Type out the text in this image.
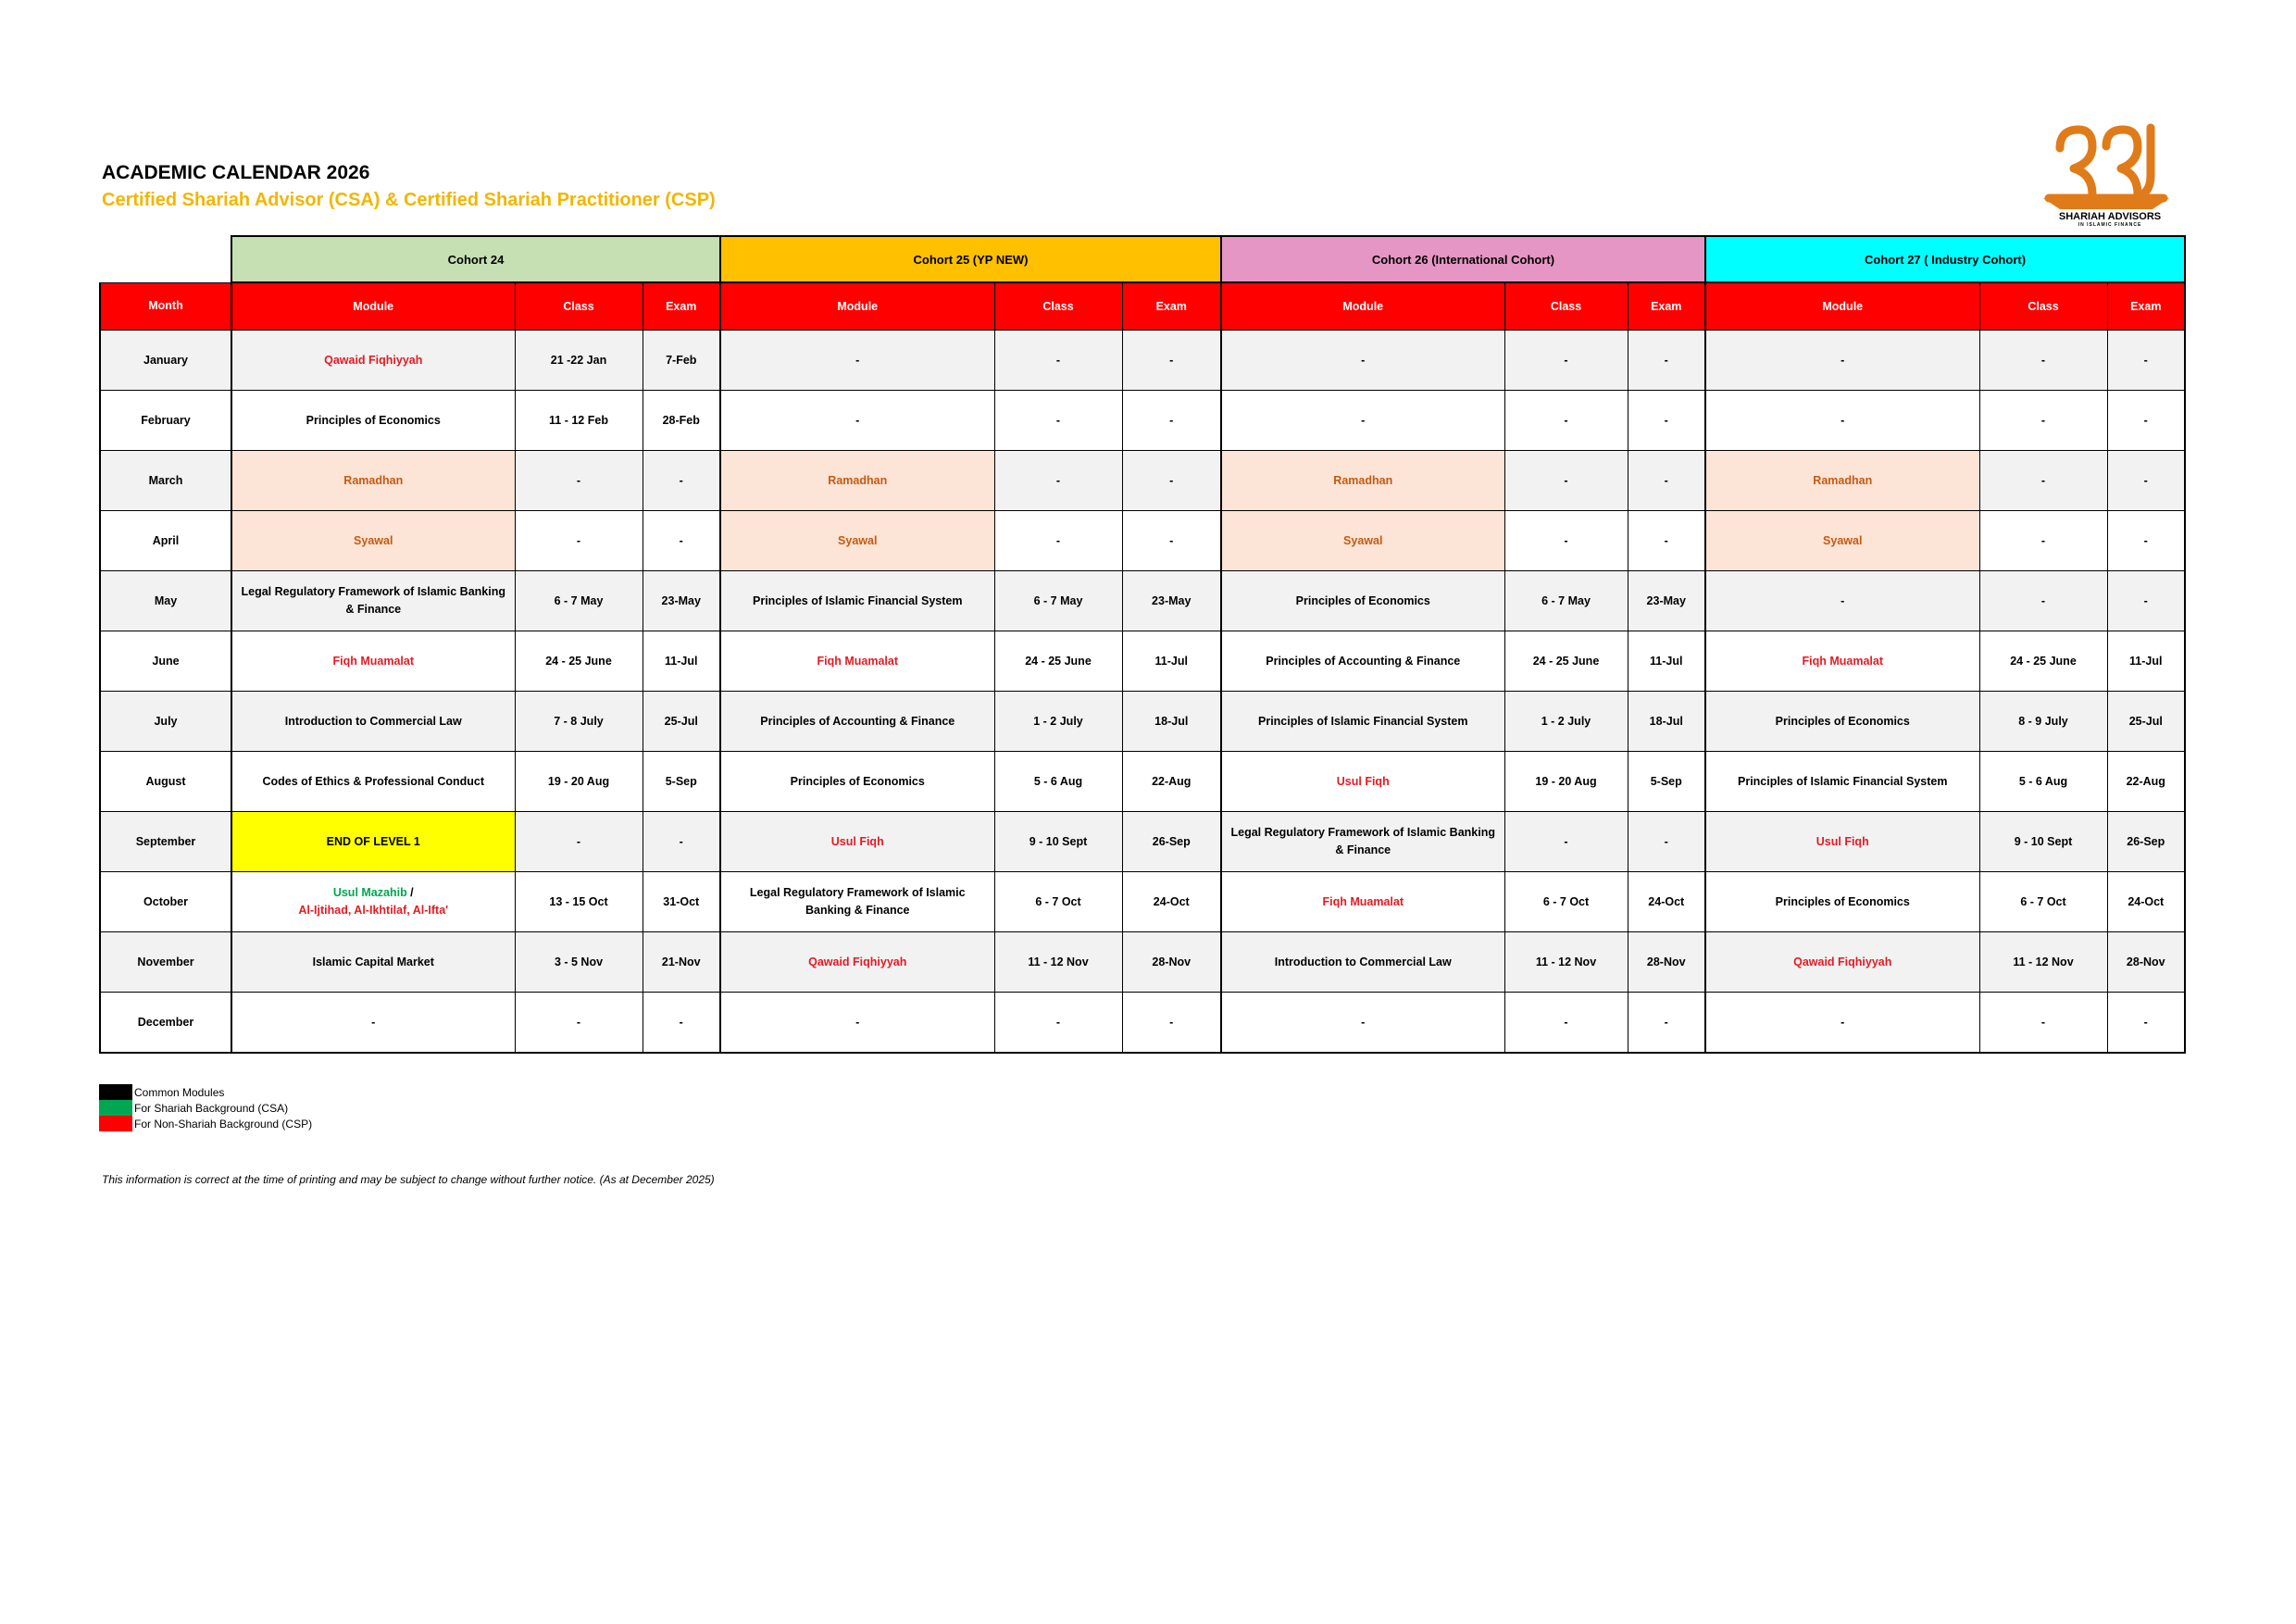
ACADEMIC CALENDAR 2026
Certified Shariah Advisor (CSA) & Certified Shariah Practitioner (CSP)	ASSOCIATION OF
SHARIAH ADVISORS
IN ISLAMIC FINANCE
	Cohort 24			Cohort 25 (YP NEW)			Cohort 26 (International Cohort)			Cohort 27 ( Industry Cohort)		
Month	Module	Class	Exam	Module	Class	Exam	Module	Class	Exam	Module	Class	Exam
January	Qawaid Fiqhiyyah	21 -22 Jan	7-Feb	-	-	-	-	-	-	-	-	-
February	Principles of Economics	11 - 12 Feb	28-Feb	-	-	-	-	-	-	-	-	-
March	Ramadhan	-	-	Ramadhan	-	-	Ramadhan	-	-	Ramadhan	-	-
April	Syawal	-	-	Syawal	-	-	Syawal	-	-	Syawal	-	-
May	Legal Regulatory Framework of Islamic Banking & Finance	6 - 7 May	23-May	Principles of Islamic Financial System	6 - 7 May	23-May	Principles of Economics	6 - 7 May	23-May	-	-	-
June	Fiqh Muamalat	24 - 25 June	11-Jul	Fiqh Muamalat	24 - 25 June	11-Jul	Principles of Accounting & Finance	24 - 25 June	11-Jul	Fiqh Muamalat	24 - 25 June	11-Jul
July	Introduction to Commercial Law	7 - 8 July	25-Jul	Principles of Accounting & Finance	1 - 2 July	18-Jul	Principles of Islamic Financial System	1 - 2 July	18-Jul	Principles of Economics	8 - 9 July	25-Jul
August	Codes of Ethics & Professional Conduct	19 - 20 Aug	5-Sep	Principles of Economics	5 - 6 Aug	22-Aug	Usul Fiqh	19 - 20 Aug	5-Sep	Principles of Islamic Financial System	5 - 6 Aug	22-Aug
September	END OF LEVEL 1	-	-	Usul Fiqh	9 - 10 Sept	26-Sep	Legal Regulatory Framework of Islamic Banking & Finance	-	-	Usul Fiqh	9 - 10 Sept	26-Sep
October	Usul Mazahib /
Al-Ijtihad, Al-Ikhtilaf, Al-Ifta'	13 - 15 Oct	31-Oct	Legal Regulatory Framework of Islamic Banking & Finance	6 - 7 Oct	24-Oct	Fiqh Muamalat	6 - 7 Oct	24-Oct	Principles of Economics	6 - 7 Oct	24-Oct
November	Islamic Capital Market	3 - 5 Nov	21-Nov	Qawaid Fiqhiyyah	11 - 12 Nov	28-Nov	Introduction to Commercial Law	11 - 12 Nov	28-Nov	Qawaid Fiqhiyyah	11 - 12 Nov	28-Nov
December	-	-	-	-	-	-	-	-	-	-	-	-
Common Modules
For Shariah Background (CSA)
For Non-Shariah Background (CSP)
This information is correct at the time of printing and may be subject to change without further notice. (As at December 2025)
